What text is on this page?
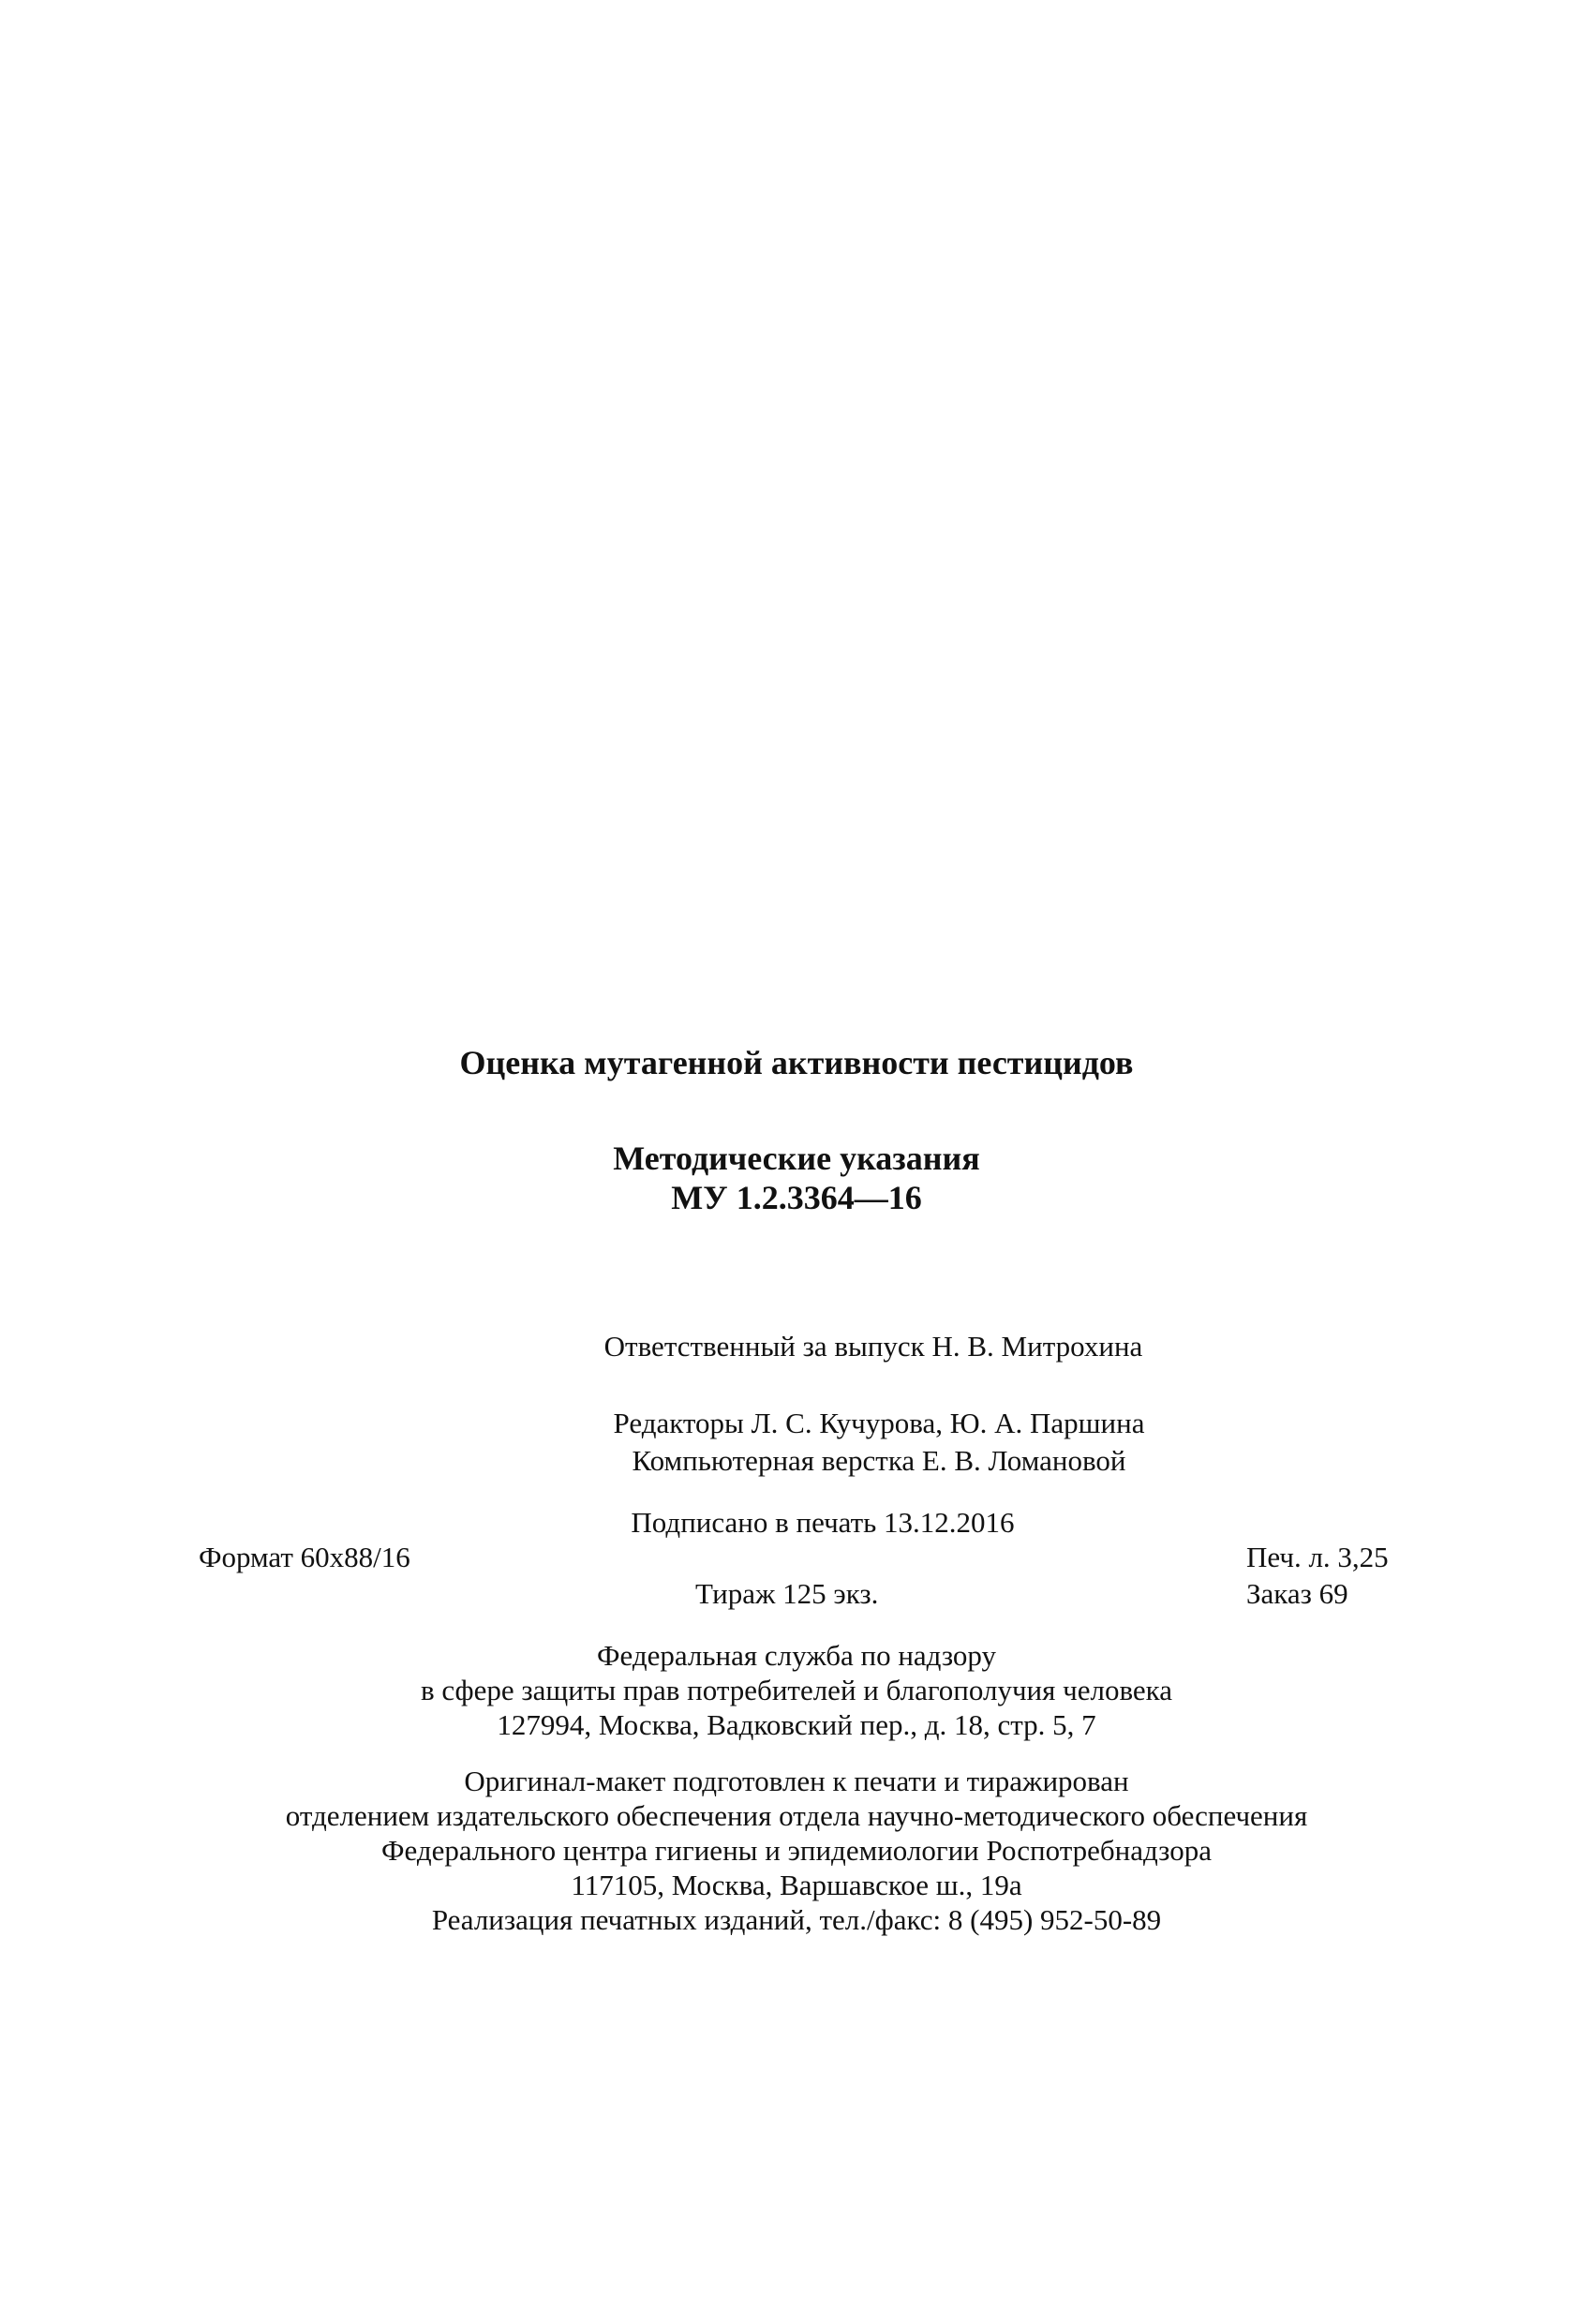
Оценка мутагенной активности пестицидов
Методические указания
МУ 1.2.3364—16
Ответственный за выпуск Н. В. Митрохина
Редакторы Л. С. Кучурова, Ю. А. Паршина
Компьютерная верстка Е. В. Ломановой
Подписано в печать 13.12.2016
Формат 60x88/16	Печ. л. 3,25
Тираж 125 экз.	Заказ 69
Федеральная служба по надзору
в сфере защиты прав потребителей и благополучия человека
127994, Москва, Вадковский пер., д. 18, стр. 5, 7
Оригинал-макет подготовлен к печати и тиражирован
отделением издательского обеспечения отдела научно-методического обеспечения
Федерального центра гигиены и эпидемиологии Роспотребнадзора
117105, Москва, Варшавское ш., 19а
Реализация печатных изданий, тел./факс: 8 (495) 952-50-89
